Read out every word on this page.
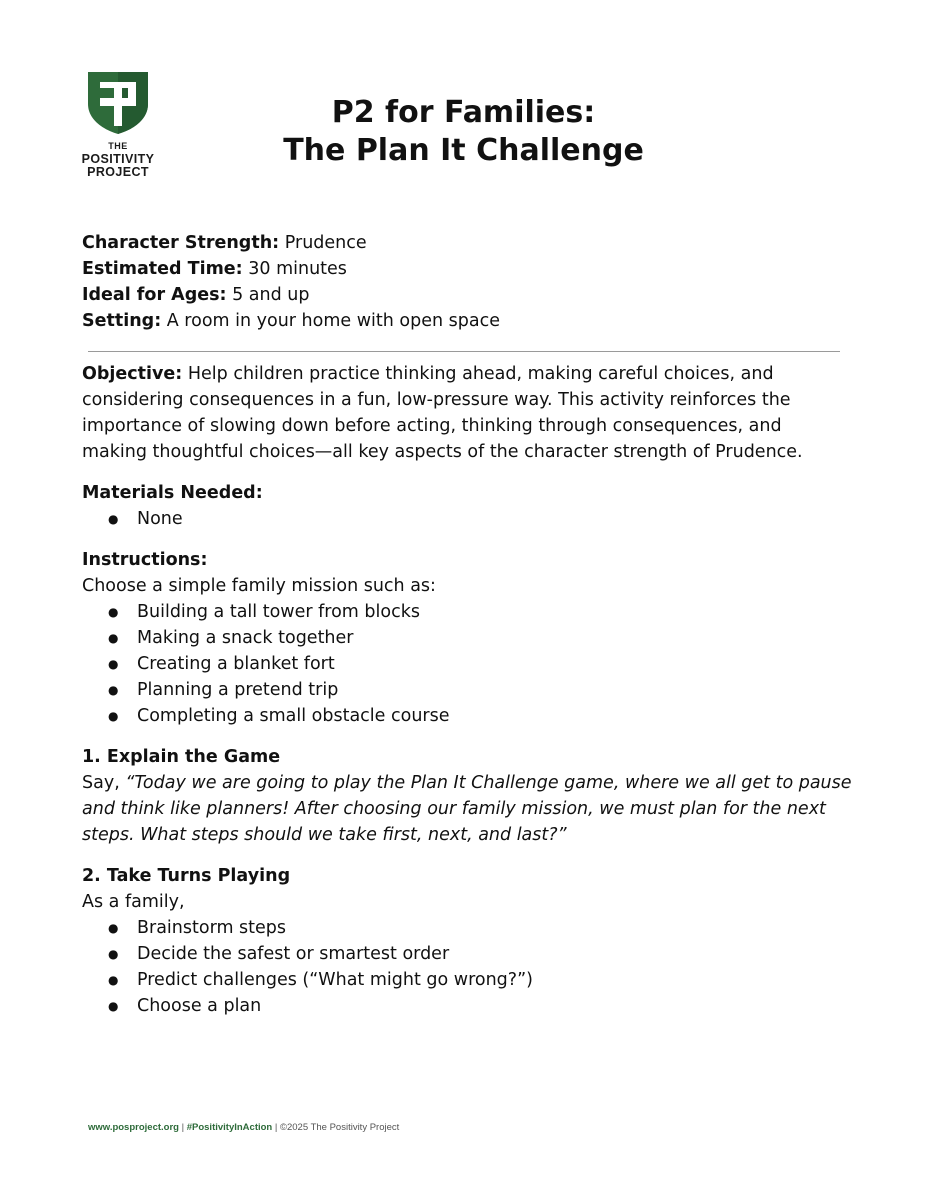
THE
POSITIVITY
PROJECT
P2 for Families:
The Plan It Challenge
Character Strength: Prudence
Estimated Time: 30 minutes
Ideal for Ages: 5 and up
Setting: A room in your home with open space

Objective: Help children practice thinking ahead, making careful choices, and considering consequences in a fun, low-pressure way. This activity reinforces the importance of slowing down before acting, thinking through consequences, and making thoughtful choices—all key aspects of the character strength of Prudence.

Materials Needed:
● None
Instructions:
Choose a simple family mission such as:
● Building a tall tower from blocks
● Making a snack together
● Creating a blanket fort
● Planning a pretend trip
● Completing a small obstacle course
1. Explain the Game

Say, “Today we are going to play the Plan It Challenge game, where we all get to pause and think like planners! After choosing our family mission, we must plan for the next steps. What steps should we take first, next, and last?”

2. Take Turns Playing
As a family,
● Brainstorm steps
● Decide the safest or smartest order
● Predict challenges (“What might go wrong?”)
● Choose a plan
www.posproject.org | #PositivityInAction | ©2025 The Positivity Project
